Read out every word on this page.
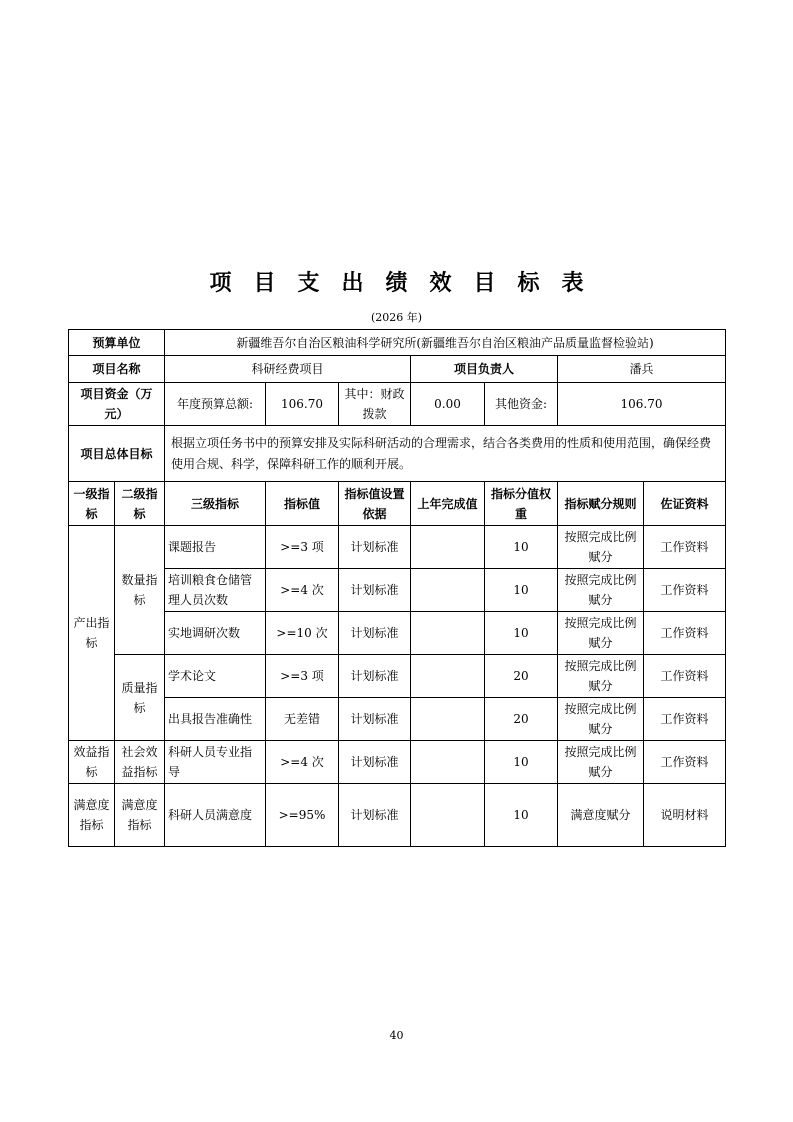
项目支出绩效目标表
(2026 年)
预算单位		新疆维吾尔自治区粮油科学研究所(新疆维吾尔自治区粮油产品质量监督检验站)						
项目名称		科研经费项目			项目负责人		潘兵	
项目资金（万元）		年度预算总额:	106.70	其中：财政拨款	0.00	其他资金:	106.70	
项目总体目标		根据立项任务书中的预算安排及实际科研活动的合理需求，结合各类费用的性质和使用范围，确保经费使用合规、科学，保障科研工作的顺利开展。						
一级指标	二级指标	三级指标	指标值	指标值设置依据	上年完成值	指标分值权重	指标赋分规则	佐证资料
产出指标	数量指标	课题报告	>=3 项	计划标准		10	按照完成比例赋分	工作资料
		培训粮食仓储管理人员次数	>=4 次	计划标准		10	按照完成比例赋分	工作资料
		实地调研次数	>=10 次	计划标准		10	按照完成比例赋分	工作资料
	质量指标	学术论文	>=3 项	计划标准		20	按照完成比例赋分	工作资料
		出具报告准确性	无差错	计划标准		20	按照完成比例赋分	工作资料
效益指标	社会效益指标	科研人员专业指导	>=4 次	计划标准		10	按照完成比例赋分	工作资料
满意度指标	满意度指标	科研人员满意度	>=95%	计划标准		10	满意度赋分	说明材料
40
